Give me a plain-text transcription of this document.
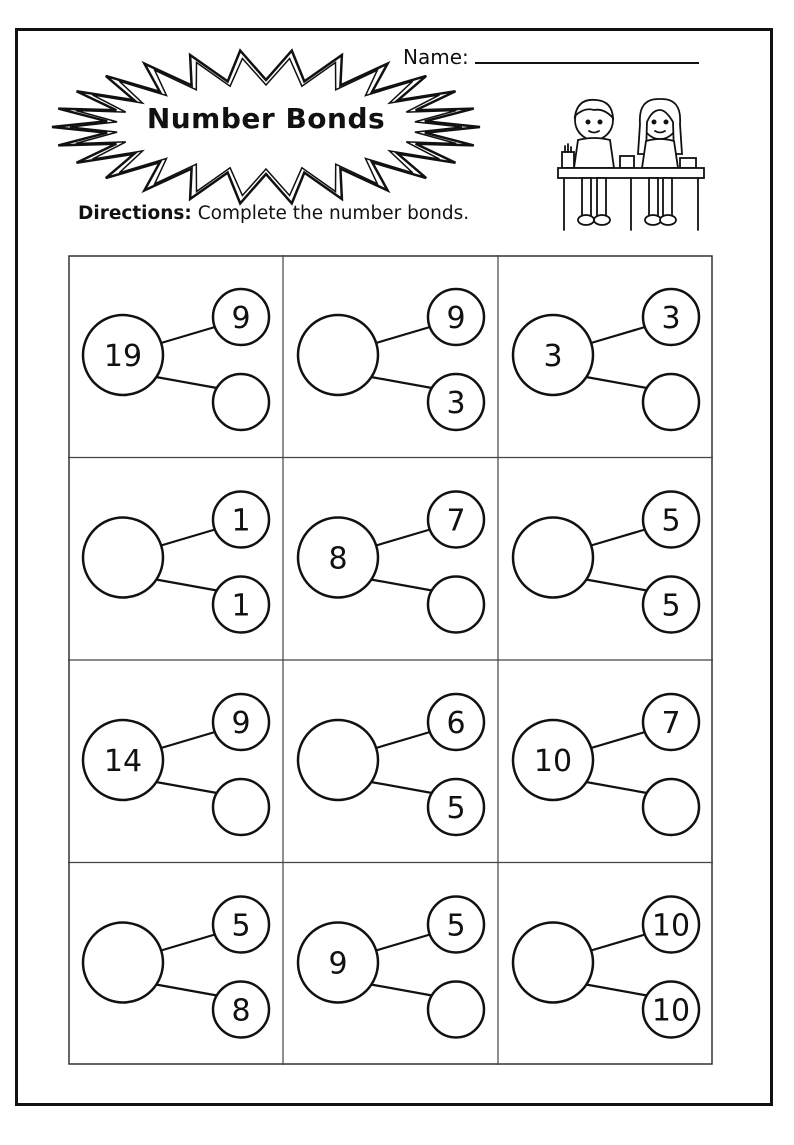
Name:
Number Bonds
Directions: Complete the number bonds.
19
9	9
3
3
3
1
1
8
7	5
5
14
9	6
5
10
7
5
8
9
5	10
10
